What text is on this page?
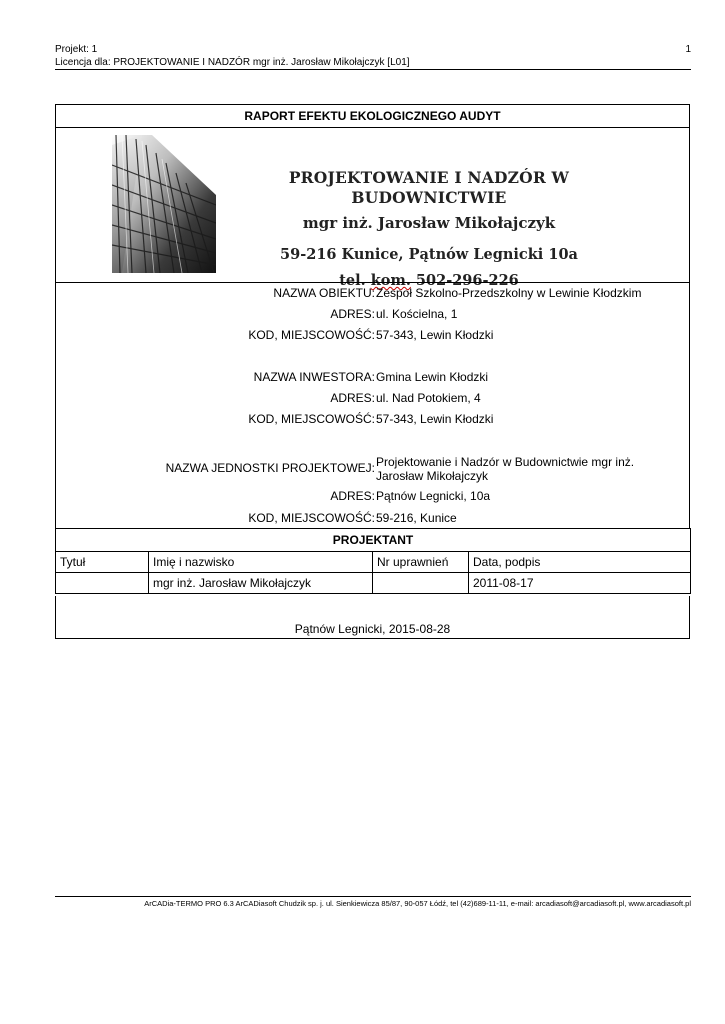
Projekt: 1
Licencja dla: PROJEKTOWANIE I NADZÓR mgr inż. Jarosław Mikołajczyk [L01]
1
RAPORT EFEKTU EKOLOGICZNEGO AUDYT
PROJEKTOWANIE I NADZÓR W BUDOWNICTWIE
mgr inż. Jarosław Mikołajczyk
59-216 Kunice, Pątnów Legnicki 10a
tel. kom. 502-296-226
NAZWA OBIEKTU: Zespoł Szkolno-Przedszkolny w Lewinie Kłodzkim
ADRES: ul. Kościelna, 1
KOD, MIEJSCOWOŚĆ: 57-343, Lewin Kłodzki
NAZWA INWESTORA: Gmina Lewin Kłodzki
ADRES: ul. Nad Potokiem, 4
KOD, MIEJSCOWOŚĆ: 57-343, Lewin Kłodzki
NAZWA JEDNOSTKI PROJEKTOWEJ: Projektowanie i Nadzór w Budownictwie mgr inż. Jarosław Mikołajczyk
ADRES: Pątnów Legnicki, 10a
KOD, MIEJSCOWOŚĆ: 59-216, Kunice
PROJEKTANT			
Tytuł	Imię i nazwisko	Nr uprawnień	Data, podpis
	mgr inż. Jarosław Mikołajczyk		2011-08-17
Pątnów Legnicki, 2015-08-28
ArCADia-TERMO PRO 6.3 ArCADiasoft Chudzik sp. j. ul. Sienkiewicza 85/87, 90-057 Łódź, tel (42)689-11-11, e-mail: arcadiasoft@arcadiasoft.pl, www.arcadiasoft.pl
